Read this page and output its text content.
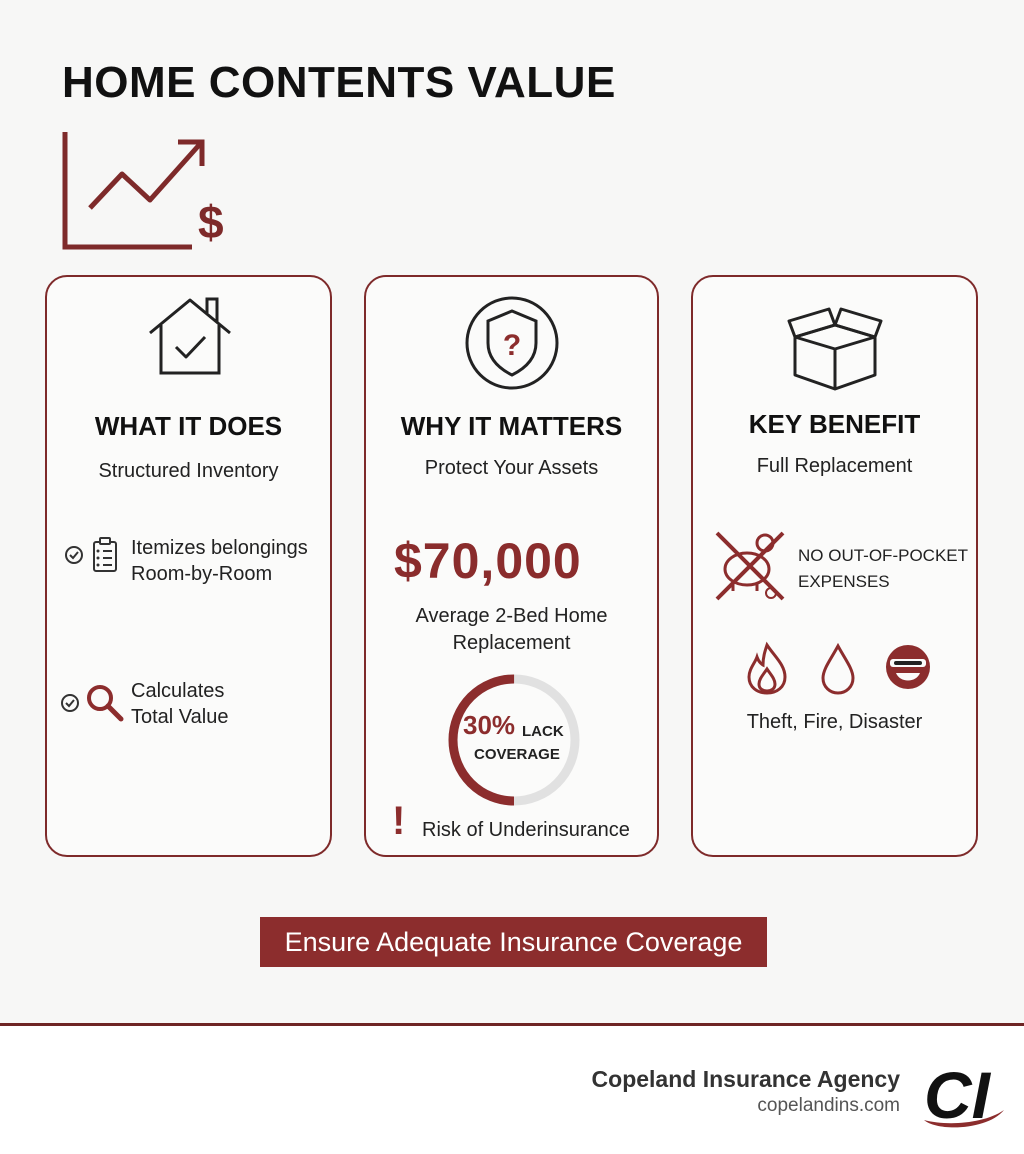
HOME CONTENTS VALUE
$
WHAT IT DOES
Structured Inventory
Itemizes belongings
Room-by-Room
Calculates
Total Value
?
WHY IT MATTERS
Protect Your Assets
$70,000
Average 2-Bed Home
Replacement
30% LACK
COVERAGE
! Risk of Underinsurance
KEY BENEFIT
Full Replacement
NO OUT-OF-POCKET
EXPENSES
Theft, Fire, Disaster
Ensure Adequate Insurance Coverage
Copeland Insurance Agency
copelandins.com CI
